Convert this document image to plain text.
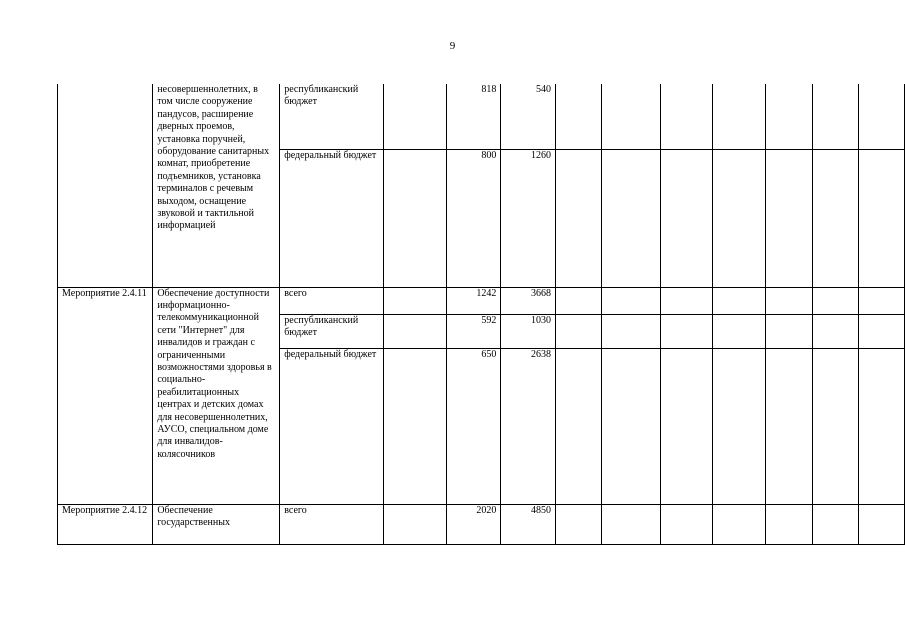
9

	несовершеннолетних, в том числе сооружение пандусов, расширение дверных проемов, установка поручней, оборудование санитарных комнат, приобретение подъемников, установка терминалов с речевым выходом, оснащение звуковой и тактильной информацией	республиканский бюджет		818	540							
		федеральный бюджет		800	1260							
Мероприятие 2.4.11	Обеспечение доступности информационно-телекоммуникационной сети "Интернет" для инвалидов и граждан с ограниченными возможностями здоровья в социально-реабилитационных центрах и детских домах для несовершеннолетних, АУСО, специальном доме для инвалидов-колясочников	всего		1242	3668							
		республиканский бюджет		592	1030							
		федеральный бюджет		650	2638							
Мероприятие 2.4.12	Обеспечение государственных	всего		2020	4850							
